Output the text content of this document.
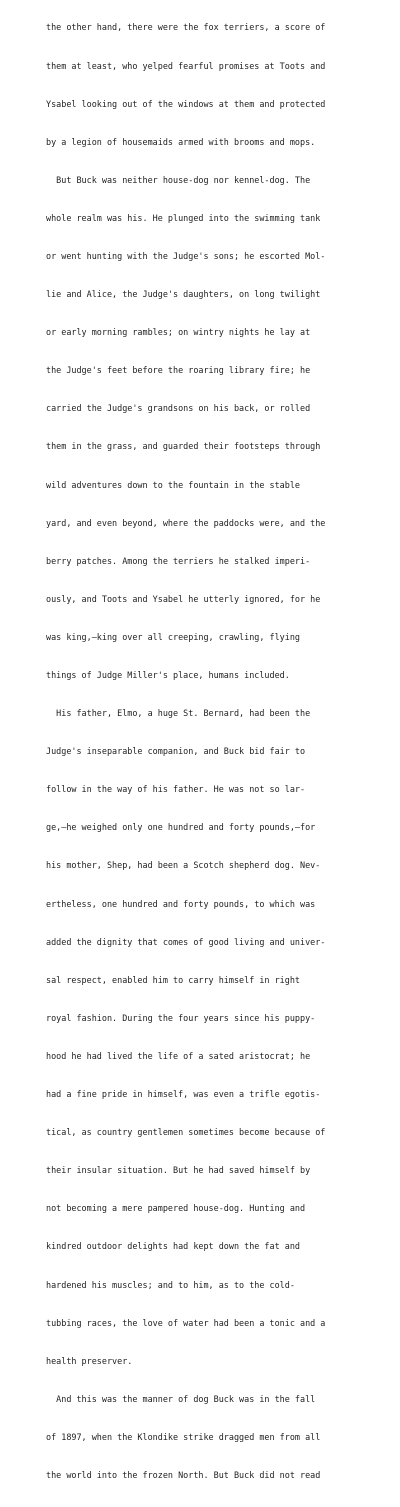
the other hand, there were the fox terriers, a score of

them at least, who yelped fearful promises at Toots and

Ysabel looking out of the windows at them and protected

by a legion of housemaids armed with brooms and mops.

But Buck was neither house-dog nor kennel-dog. The

whole realm was his. He plunged into the swimming tank

or went hunting with the Judge's sons; he escorted Mol-

lie and Alice, the Judge's daughters, on long twilight

or early morning rambles; on wintry nights he lay at

the Judge's feet before the roaring library fire; he

carried the Judge's grandsons on his back, or rolled

them in the grass, and guarded their footsteps through

wild adventures down to the fountain in the stable

yard, and even beyond, where the paddocks were, and the

berry patches. Among the terriers he stalked imperi-

ously, and Toots and Ysabel he utterly ignored, for he

was king,—king over all creeping, crawling, flying

things of Judge Miller's place, humans included.

His father, Elmo, a huge St. Bernard, had been the

Judge's inseparable companion, and Buck bid fair to

follow in the way of his father. He was not so lar-

ge,—he weighed only one hundred and forty pounds,—for

his mother, Shep, had been a Scotch shepherd dog. Nev-

ertheless, one hundred and forty pounds, to which was

added the dignity that comes of good living and univer-

sal respect, enabled him to carry himself in right

royal fashion. During the four years since his puppy-

hood he had lived the life of a sated aristocrat; he

had a fine pride in himself, was even a trifle egotis-

tical, as country gentlemen sometimes become because of

their insular situation. But he had saved himself by

not becoming a mere pampered house-dog. Hunting and

kindred outdoor delights had kept down the fat and

hardened his muscles; and to him, as to the cold-

tubbing races, the love of water had been a tonic and a

health preserver.

And this was the manner of dog Buck was in the fall

of 1897, when the Klondike strike dragged men from all

the world into the frozen North. But Buck did not read
